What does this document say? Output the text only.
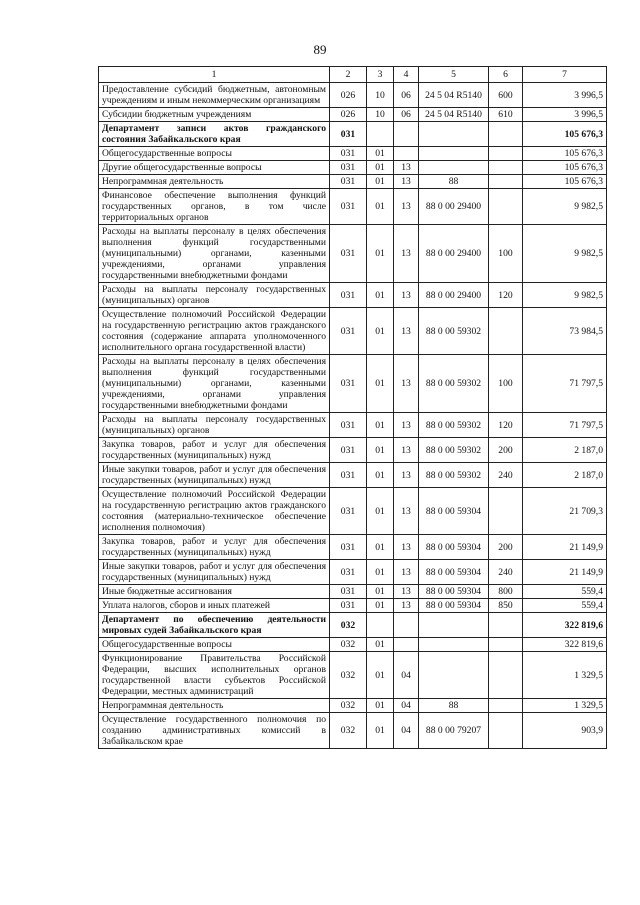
89
1	2	3	4	5	6	7
Предоставление субсидий бюджетным, автономным учреждениям и иным некоммерческим организациям	026	10	06	24 5 04 R5140	600	3 996,5
Субсидии бюджетным учреждениям	026	10	06	24 5 04 R5140	610	3 996,5
Департамент записи актов гражданского состояния Забайкальского края	031					105 676,3
Общегосударственные вопросы	031	01				105 676,3
Другие общегосударственные вопросы	031	01	13			105 676,3
Непрограммная деятельность	031	01	13	88		105 676,3
Финансовое обеспечение выполнения функций государственных органов, в том числе территориальных органов	031	01	13	88 0 00 29400		9 982,5
Расходы на выплаты персоналу в целях обеспечения выполнения функций государственными (муниципальными) органами, казенными учреждениями, органами управления государственными внебюджетными фондами	031	01	13	88 0 00 29400	100	9 982,5
Расходы на выплаты персоналу государственных (муниципальных) органов	031	01	13	88 0 00 29400	120	9 982,5
Осуществление полномочий Российской Федерации на государственную регистрацию актов гражданского состояния (содержание аппарата уполномоченного исполнительного органа государственной власти)	031	01	13	88 0 00 59302		73 984,5
Расходы на выплаты персоналу в целях обеспечения выполнения функций государственными (муниципальными) органами, казенными учреждениями, органами управления государственными внебюджетными фондами	031	01	13	88 0 00 59302	100	71 797,5
Расходы на выплаты персоналу государственных (муниципальных) органов	031	01	13	88 0 00 59302	120	71 797,5
Закупка товаров, работ и услуг для обеспечения государственных (муниципальных) нужд	031	01	13	88 0 00 59302	200	2 187,0
Иные закупки товаров, работ и услуг для обеспечения государственных (муниципальных) нужд	031	01	13	88 0 00 59302	240	2 187,0
Осуществление полномочий Российской Федерации на государственную регистрацию актов гражданского состояния (материально-техническое обеспечение исполнения полномочия)	031	01	13	88 0 00 59304		21 709,3
Закупка товаров, работ и услуг для обеспечения государственных (муниципальных) нужд	031	01	13	88 0 00 59304	200	21 149,9
Иные закупки товаров, работ и услуг для обеспечения государственных (муниципальных) нужд	031	01	13	88 0 00 59304	240	21 149,9
Иные бюджетные ассигнования	031	01	13	88 0 00 59304	800	559,4
Уплата налогов, сборов и иных платежей	031	01	13	88 0 00 59304	850	559,4
Департамент по обеспечению деятельности мировых судей Забайкальского края	032					322 819,6
Общегосударственные вопросы	032	01				322 819,6
Функционирование Правительства Российской Федерации, высших исполнительных органов государственной власти субъектов Российской Федерации, местных администраций	032	01	04			1 329,5
Непрограммная деятельность	032	01	04	88		1 329,5
Осуществление государственного полномочия по созданию административных комиссий в Забайкальском крае	032	01	04	88 0 00 79207		903,9
